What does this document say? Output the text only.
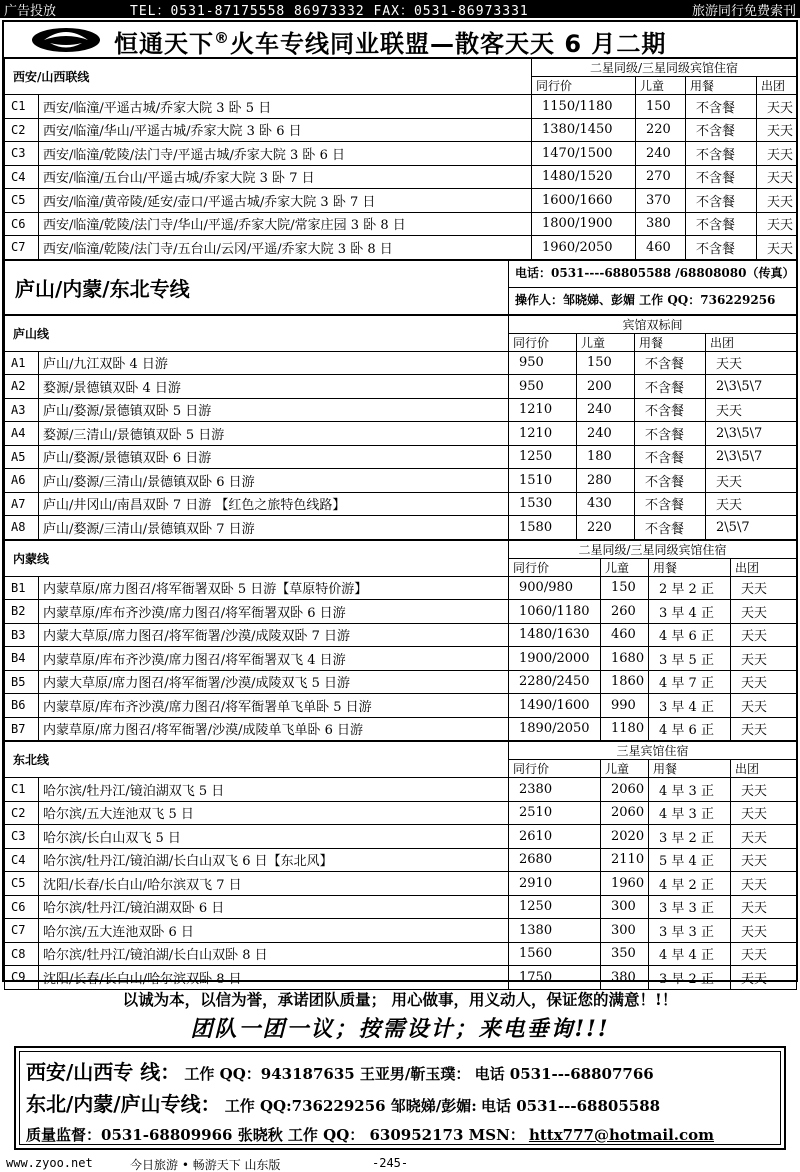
广告投放	TEL：0531-87175558 86973332 FAX：0531-86973331	旅游同行免费索刊
恒通天下®火车专线同业联盟—散客天天 6 月二期
西安/山西联线		二星同级/三星同级宾馆住宿			
		同行价	儿童	用餐	出团
C1	西安/临潼/平遥古城/乔家大院 3 卧 5 日	1150/1180	150	不含餐	天天
C2	西安/临潼/华山/平遥古城/乔家大院 3 卧 6 日	1380/1450	220	不含餐	天天
C3	西安/临潼/乾陵/法门寺/平遥古城/乔家大院 3 卧 6 日	1470/1500	240	不含餐	天天
C4	西安/临潼/五台山/平遥古城/乔家大院 3 卧 7 日	1480/1520	270	不含餐	天天
C5	西安/临潼/黄帝陵/延安/壶口/平遥古城/乔家大院 3 卧 7 日	1600/1660	370	不含餐	天天
C6	西安/临潼/乾陵/法门寺/华山/平遥/乔家大院/常家庄园 3 卧 8 日	1800/1900	380	不含餐	天天
C7	西安/临潼/乾陵/法门寺/五台山/云冈/平遥/乔家大院 3 卧 8 日	1960/2050	460	不含餐	天天
庐山/内蒙/东北专线	电话：0531----68805588 /68808080（传真）
操作人：邹晓娣、彭媚 工作 QQ：736229256
庐山线		宾馆双标间			
		同行价	儿童	用餐	出团
A1	庐山/九江双卧 4 日游	950	150	不含餐	天天
A2	婺源/景德镇双卧 4 日游	950	200	不含餐	2\3\5\7
A3	庐山/婺源/景德镇双卧 5 日游	1210	240	不含餐	天天
A4	婺源/三清山/景德镇双卧 5 日游	1210	240	不含餐	2\3\5\7
A5	庐山/婺源/景德镇双卧 6 日游	1250	180	不含餐	2\3\5\7
A6	庐山/婺源/三清山/景德镇双卧 6 日游	1510	280	不含餐	天天
A7	庐山/井冈山/南昌双卧 7 日游 【红色之旅特色线路】	1530	430	不含餐	天天
A8	庐山/婺源/三清山/景德镇双卧 7 日游	1580	220	不含餐	2\5\7
内蒙线		二星同级/三星同级宾馆住宿			
		同行价	儿童	用餐	出团
B1	内蒙草原/席力图召/将军衙署双卧 5 日游【草原特价游】	900/980	150	2 早 2 正	天天
B2	内蒙草原/库布齐沙漠/席力图召/将军衙署双卧 6 日游	1060/1180	260	3 早 4 正	天天
B3	内蒙大草原/席力图召/将军衙署/沙漠/成陵双卧 7 日游	1480/1630	460	4 早 6 正	天天
B4	内蒙草原/库布齐沙漠/席力图召/将军衙署双飞 4 日游	1900/2000	1680	3 早 5 正	天天
B5	内蒙大草原/席力图召/将军衙署/沙漠/成陵双飞 5 日游	2280/2450	1860	4 早 7 正	天天
B6	内蒙草原/库布齐沙漠/席力图召/将军衙署单飞单卧 5 日游	1490/1600	990	3 早 4 正	天天
B7	内蒙草原/席力图召/将军衙署/沙漠/成陵单飞单卧 6 日游	1890/2050	1180	4 早 6 正	天天
东北线		三星宾馆住宿			
		同行价	儿童	用餐	出团
C1	哈尔滨/牡丹江/镜泊湖双飞 5 日	2380	2060	4 早 3 正	天天
C2	哈尔滨/五大连池双飞 5 日	2510	2060	4 早 3 正	天天
C3	哈尔滨/长白山双飞 5 日	2610	2020	3 早 2 正	天天
C4	哈尔滨/牡丹江/镜泊湖/长白山双飞 6 日【东北风】	2680	2110	5 早 4 正	天天
C5	沈阳/长春/长白山/哈尔滨双飞 7 日	2910	1960	4 早 2 正	天天
C6	哈尔滨/牡丹江/镜泊湖双卧 6 日	1250	300	3 早 3 正	天天
C7	哈尔滨/五大连池双卧 6 日	1380	300	3 早 3 正	天天
C8	哈尔滨/牡丹江/镜泊湖/长白山双卧 8 日	1560	350	4 早 4 正	天天
C9	沈阳/长春/长白山/哈尔滨双卧 8 日	1750	380	3 早 2 正	天天
以诚为本，以信为誉，承诺团队质量； 用心做事，用义动人，保证您的满意！!！
团队一团一议；按需设计；来电垂询!!!
西安/山西专 线： 工作 QQ：943187635 王亚男/靳玉璞： 电话 0531---68807766
东北/内蒙/庐山专线： 工作 QQ:736229256 邹晓娣/彭媚: 电话 0531---68805588
质量监督：0531-68809966 张晓秋 工作 QQ： 630952173 MSN： httx777@hotmail.com
www.zyoo.net	今日旅游 • 畅游天下 山东版	-245-
